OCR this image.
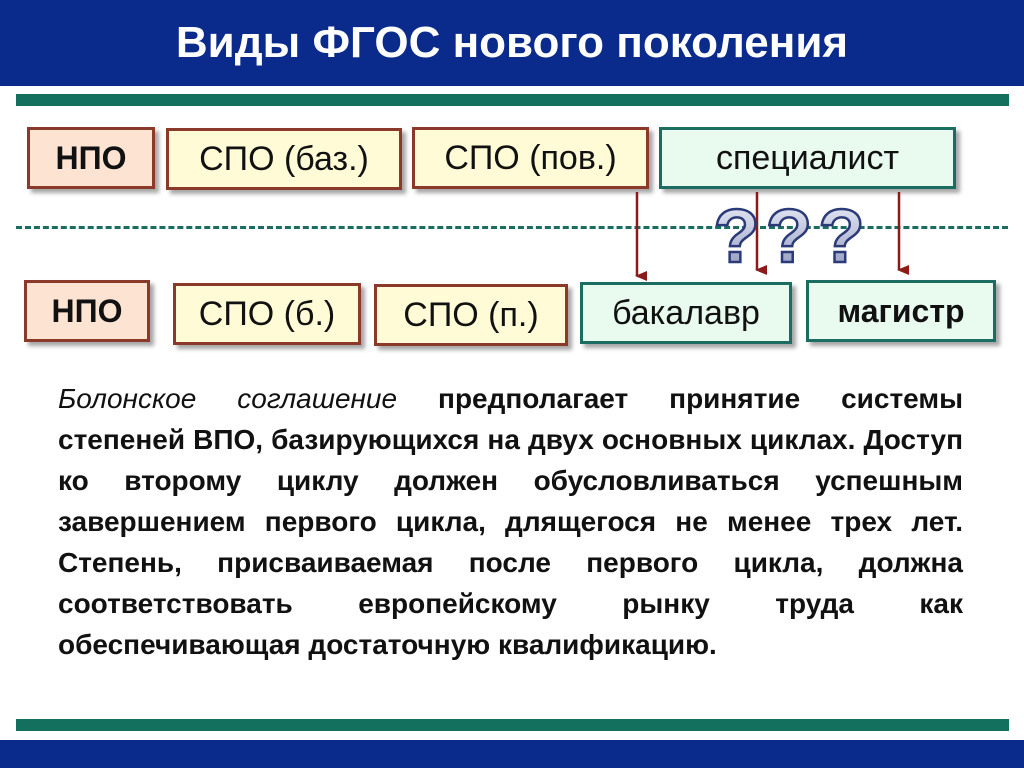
Виды ФГОС нового поколения
НПО	СПО (баз.)	СПО (пов.)	специалист
НПО	СПО (б.)	СПО (п.)	бакалавр	магистр
???
Болонское соглашение предполагает принятие системы степеней ВПО, базирующихся на двух основных циклах. Доступ ко второму циклу должен обусловливаться успешным завершением первого цикла, длящегося не менее трех лет. Степень, присваиваемая после первого цикла, должна соответствовать европейскому рынку труда как обеспечивающая достаточную квалификацию.
